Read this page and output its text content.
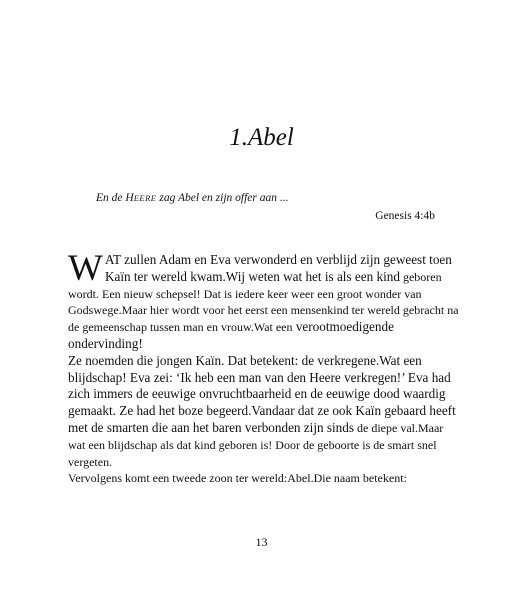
1.Abel

En de HEERE zag Abel en zijn offer aan ...

Genesis 4:4b

WAT zullen Adam en Eva verwonderd en verblijd zijn geweest toen Kaïn ter wereld kwam.Wij weten wat het is als een kind geboren wordt. Een nieuw schepsel! Dat is iedere keer weer een groot wonder van Godswege.Maar hier wordt voor het eerst een mensenkind ter wereld gebracht na de gemeenschap tussen man en vrouw.Wat een verootmoedigende ondervinding!

Ze noemden die jongen Kaïn. Dat betekent: de verkregene.Wat een blijdschap! Eva zei: ‘Ik heb een man van den Heere verkregen!’ Eva had zich immers de eeuwige onvruchtbaarheid en de eeuwige dood waardig gemaakt. Ze had het boze begeerd.Vandaar dat ze ook Kaïn gebaard heeft met de smarten die aan het baren verbonden zijn sinds de diepe val.Maar wat een blijdschap als dat kind geboren is! Door de geboorte is de smart snel vergeten.

Vervolgens komt een tweede zoon ter wereld:Abel.Die naam betekent:

13
